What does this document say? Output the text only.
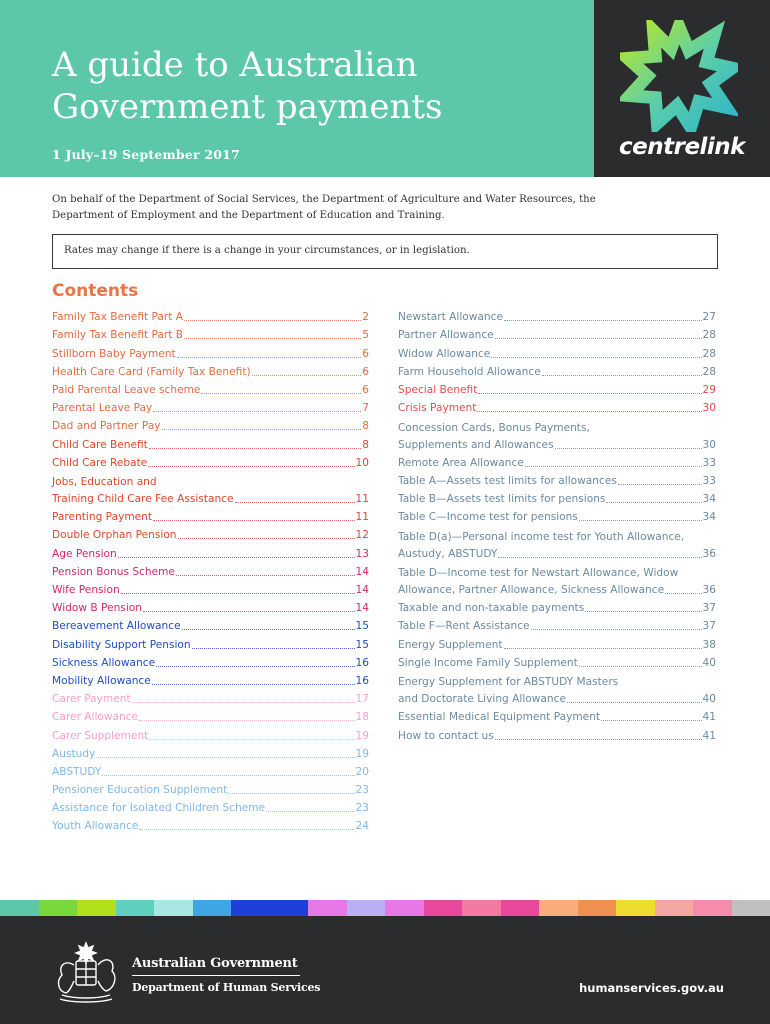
A guide to Australian Government payments
1 July–19 September 2017	centrelink

On behalf of the Department of Social Services, the Department of Agriculture and Water Resources, the Department of Employment and the Department of Education and Training.

Rates may change if there is a change in your circumstances, or in legislation.
Contents
Family Tax Benefit Part A	2
Family Tax Benefit Part B	5
Stillborn Baby Payment	6
Health Care Card (Family Tax Benefit)	6
Paid Parental Leave scheme	6
Parental Leave Pay	7
Dad and Partner Pay	8
Child Care Benefit	8
Child Care Rebate	10
Jobs, Education and
Training Child Care Fee Assistance	11
Parenting Payment	11
Double Orphan Pension	12
Age Pension	13
Pension Bonus Scheme	14
Wife Pension	14
Widow B Pension	14
Bereavement Allowance	15
Disability Support Pension	15
Sickness Allowance	16
Mobility Allowance	16
Carer Payment	17
Carer Allowance	18
Carer Supplement	19
Austudy	19
ABSTUDY	20
Pensioner Education Supplement	23
Assistance for Isolated Children Scheme	23
Youth Allowance	24
Newstart Allowance	27
Partner Allowance	28
Widow Allowance	28
Farm Household Allowance	28
Special Benefit	29
Crisis Payment	30
Concession Cards, Bonus Payments,
Supplements and Allowances	30
Remote Area Allowance	33
Table A—Assets test limits for allowances	33
Table B—Assets test limits for pensions	34
Table C—Income test for pensions	34
Table D(a)—Personal income test for Youth Allowance,
Austudy, ABSTUDY	36
Table D—Income test for Newstart Allowance, Widow
Allowance, Partner Allowance, Sickness Allowance	36
Taxable and non-taxable payments	37
Table F—Rent Assistance	37
Energy Supplement	38
Single Income Family Supplement	40
Energy Supplement for ABSTUDY Masters
and Doctorate Living Allowance	40
Essential Medical Equipment Payment	41
How to contact us	41
Australian Government
Department of Human Services	humanservices.gov.au
